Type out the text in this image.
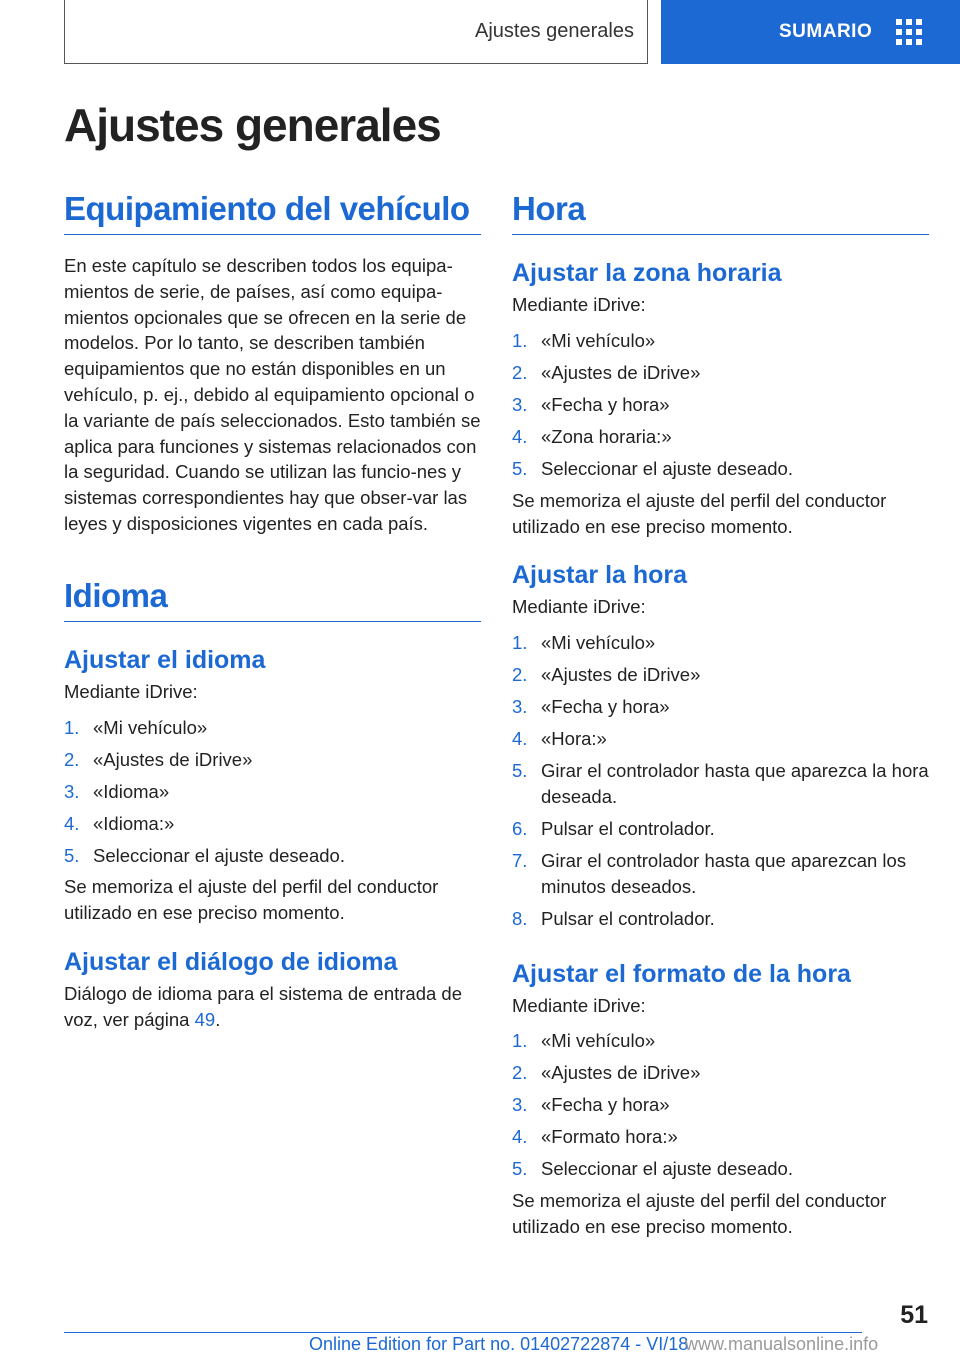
Ajustes generales	SUMARIO
Ajustes generales
Equipamiento del vehículo

En este capítulo se describen todos los equipa-mientos de serie, de países, así como equipa-mientos opcionales que se ofrecen en la serie de modelos. Por lo tanto, se describen también equipamientos que no están disponibles en un vehículo, p. ej., debido al equipamiento opcional o la variante de país seleccionados. Esto también se aplica para funciones y sistemas relacionados con la seguridad. Cuando se utilizan las funcio-nes y sistemas correspondientes hay que obser-var las leyes y disposiciones vigentes en cada país.

Idioma
Ajustar el idioma

Mediante iDrive:

1. «Mi vehículo»
2. «Ajustes de iDrive»
3. «Idioma»
4. «Idioma:»
5. Seleccionar el ajuste deseado.

Se memoriza el ajuste del perfil del conductor utilizado en ese preciso momento.

Ajustar el diálogo de idioma

Diálogo de idioma para el sistema de entrada de voz, ver página 49.

Hora
Ajustar la zona horaria

Mediante iDrive:

1. «Mi vehículo»
2. «Ajustes de iDrive»
3. «Fecha y hora»
4. «Zona horaria:»
5. Seleccionar el ajuste deseado.

Se memoriza el ajuste del perfil del conductor utilizado en ese preciso momento.

Ajustar la hora

Mediante iDrive:

1. «Mi vehículo»
2. «Ajustes de iDrive»
3. «Fecha y hora»
4. «Hora:»
5. Girar el controlador hasta que aparezca la hora deseada.
6. Pulsar el controlador.
7. Girar el controlador hasta que aparezcan los minutos deseados.
8. Pulsar el controlador.
Ajustar el formato de la hora

Mediante iDrive:

1. «Mi vehículo»
2. «Ajustes de iDrive»
3. «Fecha y hora»
4. «Formato hora:»
5. Seleccionar el ajuste deseado.

Se memoriza el ajuste del perfil del conductor utilizado en ese preciso momento.

51
Online Edition for Part no. 01402722874 - VI/18
www.manualsonline.info
